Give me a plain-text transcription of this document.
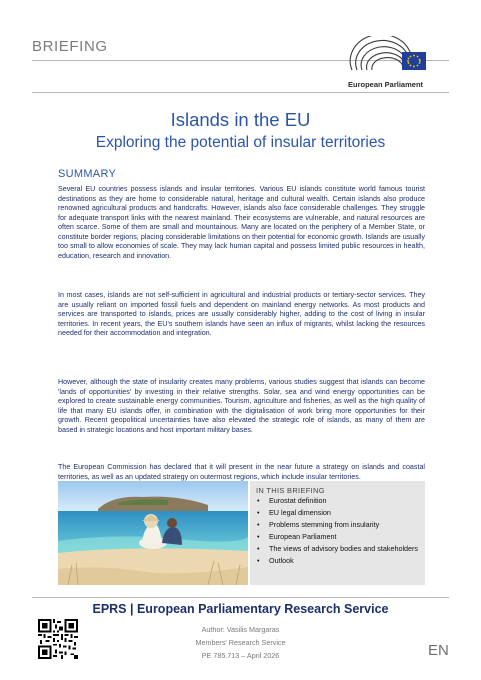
BRIEFING
European Parliament
Islands in the EU
Exploring the potential of insular territories
SUMMARY

Several EU countries possess islands and insular territories. Various EU islands constitute world famous tourist destinations as they are home to considerable natural, heritage and cultural wealth. Certain islands also produce renowned agricultural products and handcrafts. However, islands also face considerable challenges. They struggle for adequate transport links with the nearest mainland. Their ecosystems are vulnerable, and natural resources are often scarce. Some of them are small and mountainous. Many are located on the periphery of a Member State, or constitute border regions, placing considerable limitations on their potential for economic growth. Islands are usually too small to allow economies of scale. They may lack human capital and possess limited public resources in health, education, research and innovation.

In most cases, islands are not self-sufficient in agricultural and industrial products or tertiary-sector services. They are usually reliant on imported fossil fuels and dependent on mainland energy networks. As most products and services are transported to islands, prices are usually considerably higher, adding to the cost of living in insular territories. In recent years, the EU's southern islands have seen an influx of migrants, whilst lacking the resources needed for their accommodation and integration.

However, although the state of insularity creates many problems, various studies suggest that islands can become 'lands of opportunities' by investing in their relative strengths. Solar, sea and wind energy opportunities can be explored to create sustainable energy communities. Tourism, agriculture and fisheries, as well as the high quality of life that many EU islands offer, in combination with the digitalisation of work bring more opportunities for their growth. Recent geopolitical uncertainties have also elevated the strategic role of islands, as many of them are based in strategic locations and host important military bases.

The European Commission has declared that it will present in the near future a strategy on islands and coastal territories, as well as an updated strategy on outermost regions, which include insular territories.

IN THIS BRIEFING
• Eurostat definition
• EU legal dimension
• Problems stemming from insularity
• European Parliament
• The views of advisory bodies and stakeholders
• Outlook
EPRS | European Parliamentary Research Service
Author: Vasilis Margaras
Members' Research Service
PE 785.713 – April 2026	EN
